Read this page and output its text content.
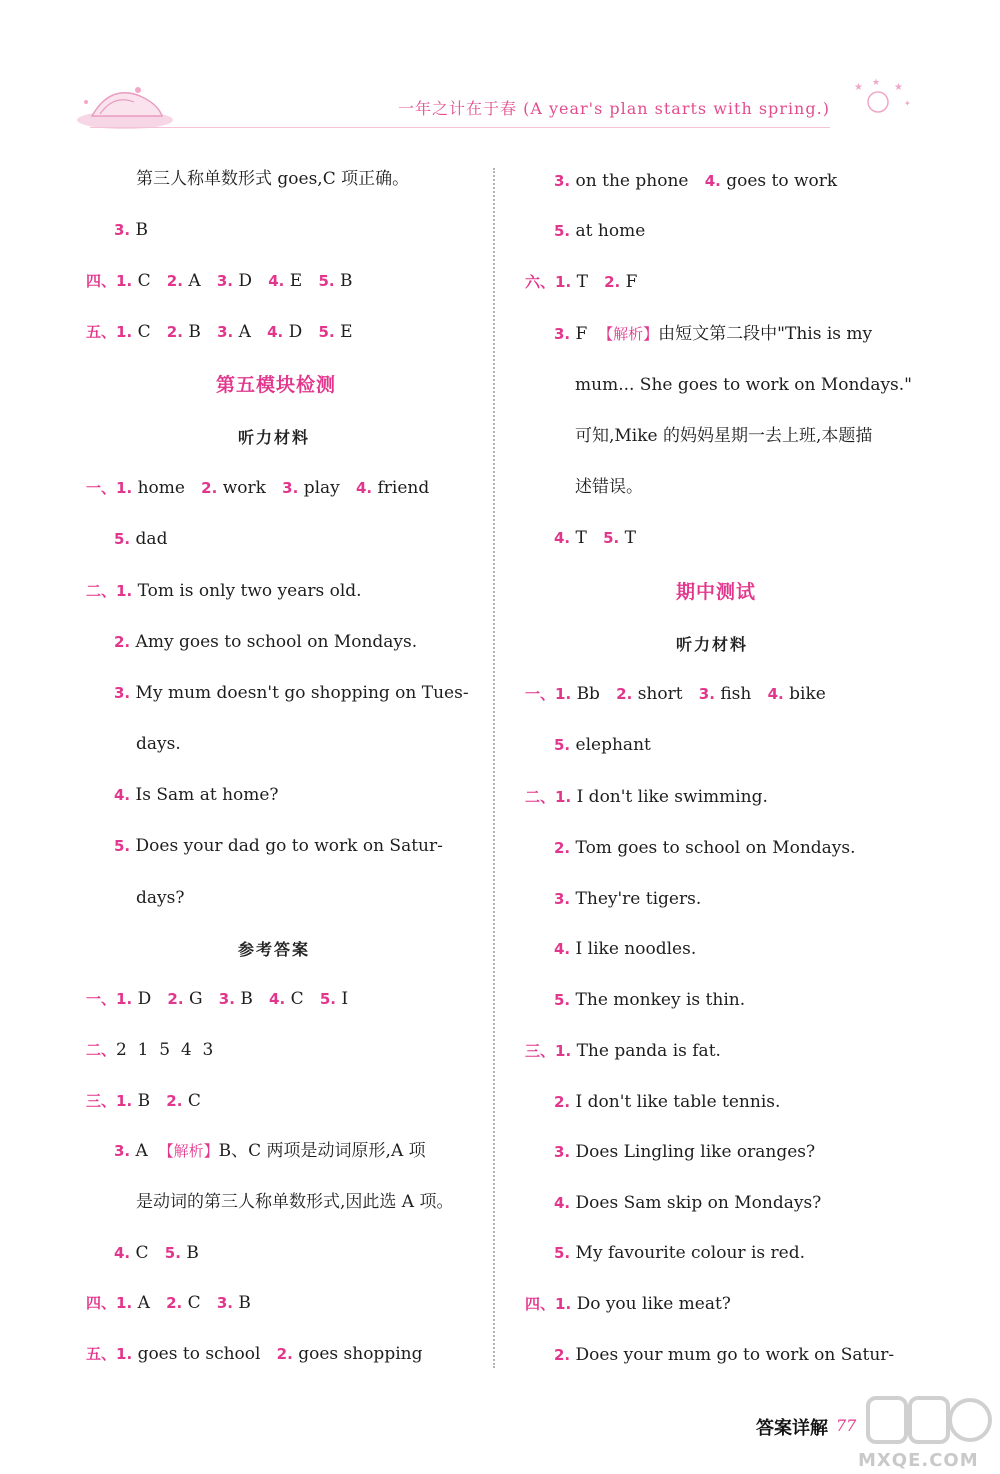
一年之计在于春 (A year's plan starts with spring.)
★ ★ ★
✦
第三人称单数形式 goes,C 项正确。
3. B
四、1. C 2. A 3. D 4. E 5. B
五、1. C 2. B 3. A 4. D 5. E
第五模块检测
听力材料
一、1. home 2. work 3. play 4. friend
5. dad
二、1. Tom is only two years old.
2. Amy goes to school on Mondays.
3. My mum doesn't go shopping on Tues-
days.
4. Is Sam at home?
5. Does your dad go to work on Satur-
days?
参考答案
一、1. D 2. G 3. B 4. C 5. I
二、2  1  5  4  3
三、1. B 2. C
3. A 【解析】B、C 两项是动词原形,A 项
是动词的第三人称单数形式,因此选 A 项。
4. C 5. B
四、1. A 2. C 3. B
五、1. goes to school 2. goes shopping
3. on the phone 4. goes to work
5. at home
六、1. T 2. F
3. F 【解析】由短文第二段中"This is my
mum... She goes to work on Mondays."
可知,Mike 的妈妈星期一去上班,本题描
述错误。
4. T 5. T
期中测试
听力材料
一、1. Bb 2. short 3. fish 4. bike
5. elephant
二、1. I don't like swimming.
2. Tom goes to school on Mondays.
3. They're tigers.
4. I like noodles.
5. The monkey is thin.
三、1. The panda is fat.
2. I don't like table tennis.
3. Does Lingling like oranges?
4. Does Sam skip on Mondays?
5. My favourite colour is red.
四、1. Do you like meat?
2. Does your mum go to work on Satur-
答案详解 77
MXQE.COM
